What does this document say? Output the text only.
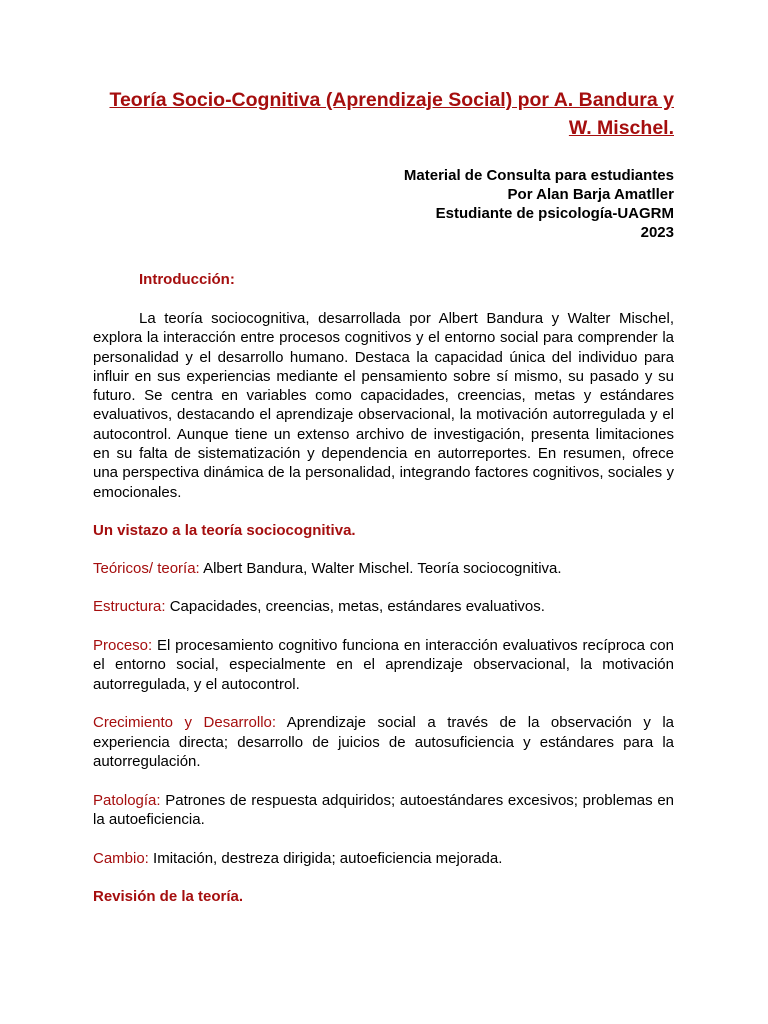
Teoría Socio-Cognitiva (Aprendizaje Social) por A. Bandura y W. Mischel.
Material de Consulta para estudiantes
Por Alan Barja Amatller
Estudiante de psicología-UAGRM
2023
Introducción:

La teoría sociocognitiva, desarrollada por Albert Bandura y Walter Mischel, explora la interacción entre procesos cognitivos y el entorno social para comprender la personalidad y el desarrollo humano. Destaca la capacidad única del individuo para influir en sus experiencias mediante el pensamiento sobre sí mismo, su pasado y su futuro. Se centra en variables como capacidades, creencias, metas y estándares evaluativos, destacando el aprendizaje observacional, la motivación autorregulada y el autocontrol. Aunque tiene un extenso archivo de investigación, presenta limitaciones en su falta de sistematización y dependencia en autorreportes. En resumen, ofrece una perspectiva dinámica de la personalidad, integrando factores cognitivos, sociales y emocionales.

Un vistazo a la teoría sociocognitiva.

Teóricos/ teoría: Albert Bandura, Walter Mischel. Teoría sociocognitiva.

Estructura: Capacidades, creencias, metas, estándares evaluativos.

Proceso: El procesamiento cognitivo funciona en interacción evaluativos recíproca con el entorno social, especialmente en el aprendizaje observacional, la motivación autorregulada, y el autocontrol.

Crecimiento y Desarrollo: Aprendizaje social a través de la observación y la experiencia directa; desarrollo de juicios de autosuficiencia y estándares para la autorregulación.

Patología: Patrones de respuesta adquiridos; autoestándares excesivos; problemas en la autoeficiencia.

Cambio: Imitación, destreza dirigida; autoeficiencia mejorada.

Revisión de la teoría.
